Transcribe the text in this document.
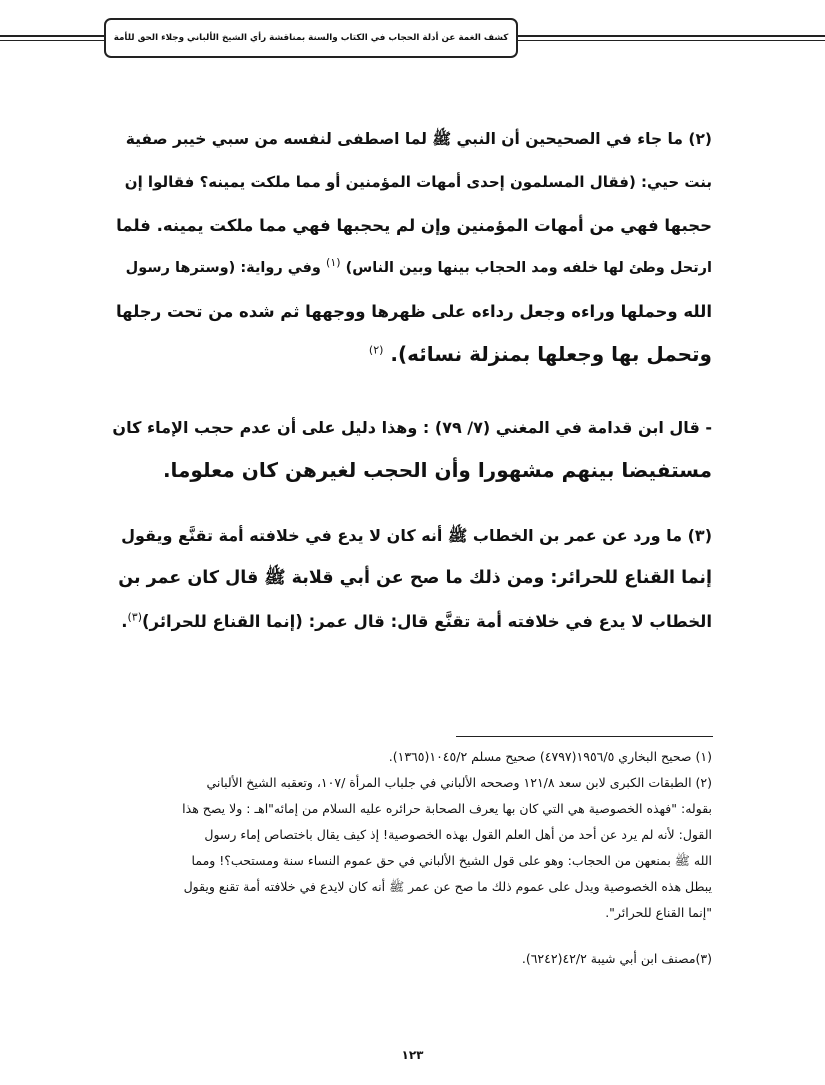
كشف الغمة عن أدلة الحجاب في الكتاب والسنة بمناقشة رأي الشيخ الألباني وجلاء الحق للأمة
(٢) ما جاء في الصحيحين أن النبي ﷺ لما اصطفى لنفسه من سبي خيبر صفية
بنت حيي: (فقال المسلمون إحدى أمهات المؤمنين أو مما ملكت يمينه؟ فقالوا إن
حجبها فهي من أمهات المؤمنين وإن لم يحجبها فهي مما ملكت يمينه. فلما
ارتحل وطئ لها خلفه ومد الحجاب بينها وبين الناس) $^{(١)}$ وفي رواية: (وسترها رسول
الله وحملها وراءه وجعل رداءه على ظهرها ووجهها ثم شده من تحت رجلها
وتحمل بها وجعلها بمنزلة نسائه). $^{(٢)}$
- قال ابن قدامة في المغني (٧/ ٧٩) : وهذا دليل على أن عدم حجب الإماء كان
مستفيضا بينهم مشهورا وأن الحجب لغيرهن كان معلوما.
(٣) ما ورد عن عمر بن الخطاب ﷺ أنه كان لا يدع في خلافته أمة تقنَّع ويقول
إنما القناع للحرائر: ومن ذلك ما صح عن أبي قلابة ﷺ قال كان عمر بن
الخطاب لا يدع في خلافته أمة تقنَّع قال: قال عمر: (إنما القناع للحرائر)$^{(٣)}$.
(١) صحيح البخاري ١٩٥٦/٥(٤٧٩٧) صحيح مسلم ١٠٤٥/٢(١٣٦٥).
(٢) الطبقات الكبرى لابن سعد ١٢١/٨ وصححه الألباني في جلباب المرأة /١٠٧، وتعقبه الشيخ الألباني
بقوله: "فهذه الخصوصية هي التي كان بها يعرف الصحابة حرائره عليه السلام من إمائه"اهـ : ولا يصح هذا
القول: لأنه لم يرد عن أحد من أهل العلم القول بهذه الخصوصية! إذ كيف يقال باختصاص إماء رسول
الله ﷺ بمنعهن من الحجاب: وهو على قول الشيخ الألباني في حق عموم النساء سنة ومستحب؟! ومما
يبطل هذه الخصوصية ويدل على عموم ذلك ما صح عن عمر ﷺ أنه كان لايدع في خلافته أمة تقنع ويقول
"إنما القناع للحرائر".
(٣)مصنف ابن أبي شيبة ٤٢/٢(٦٢٤٢).
١٢٣
